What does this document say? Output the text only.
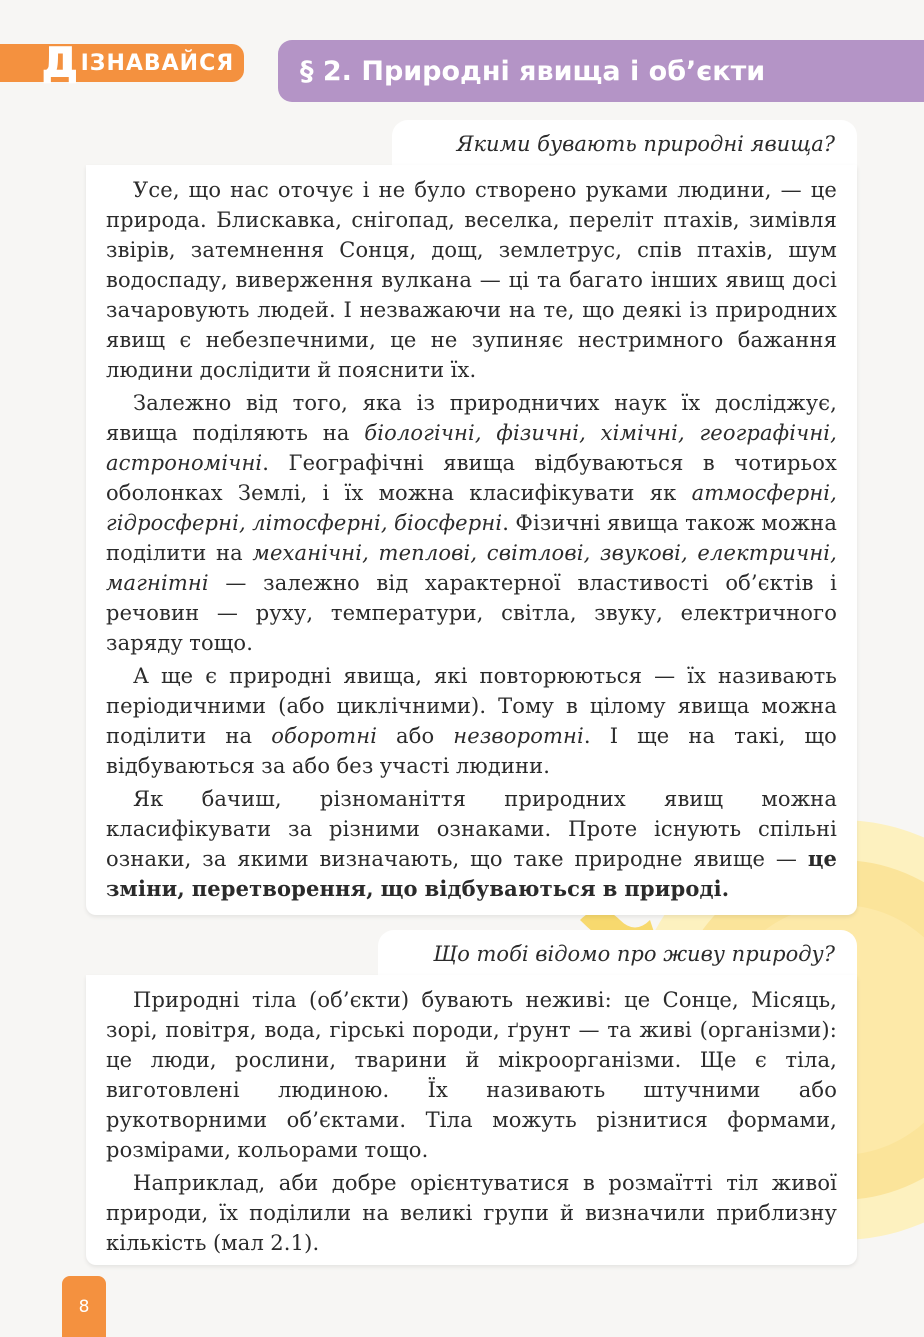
Д ІЗНАВАЙСЯ § 2. Природні явища і об’єкти
Якими бувають природні явища?

Усе, що нас оточує і не було створено руками людини, — це природа. Блискавка, снігопад, веселка, переліт птахів, зимівля звірів, затемнення Сонця, дощ, землетрус, спів птахів, шум водоспаду, виверження вулкана — ці та багато інших явищ досі зачаровують людей. І незважаючи на те, що деякі із природних явищ є небезпечними, це не зупиняє нестримного бажання людини дослідити й пояснити їх.

Залежно від того, яка із природничих наук їх досліджує, явища поділяють на біологічні, фізичні, хімічні, географічні, астрономічні. Географічні явища відбуваються в чотирьох оболонках Землі, і їх можна класифікувати як атмосферні, гідросферні, літосферні, біосферні. Фізичні явища також можна поділити на механічні, теплові, світлові, звукові, електричні, магнітні — залежно від характерної властивості об’єктів і речовин — руху, температури, світла, звуку, електричного заряду тощо.

А ще є природні явища, які повторюються — їх називають періодичними (або циклічними). Тому в цілому явища можна поділити на оборотні або незворотні. І ще на такі, що відбуваються за або без участі людини.

Як бачиш, різноманіття природних явищ можна класифікувати за різними ознаками. Проте існують спільні ознаки, за якими визначають, що таке природне явище — це зміни, перетворення, що відбуваються в природі.

Що тобі відомо про живу природу?

Природні тіла (об’єкти) бувають неживі: це Сонце, Місяць, зорі, повітря, вода, гірські породи, ґрунт — та живі (організми): це люди, рослини, тварини й мікроорганізми. Ще є тіла, виготовлені людиною. Їх називають штучними або рукотворними об’єктами. Тіла можуть різнитися формами, розмірами, кольорами тощо.

Наприклад, аби добре орієнтуватися в розмаїтті тіл живої природи, їх поділили на великі групи й визначили приблизну кількість (мал 2.1).

8
